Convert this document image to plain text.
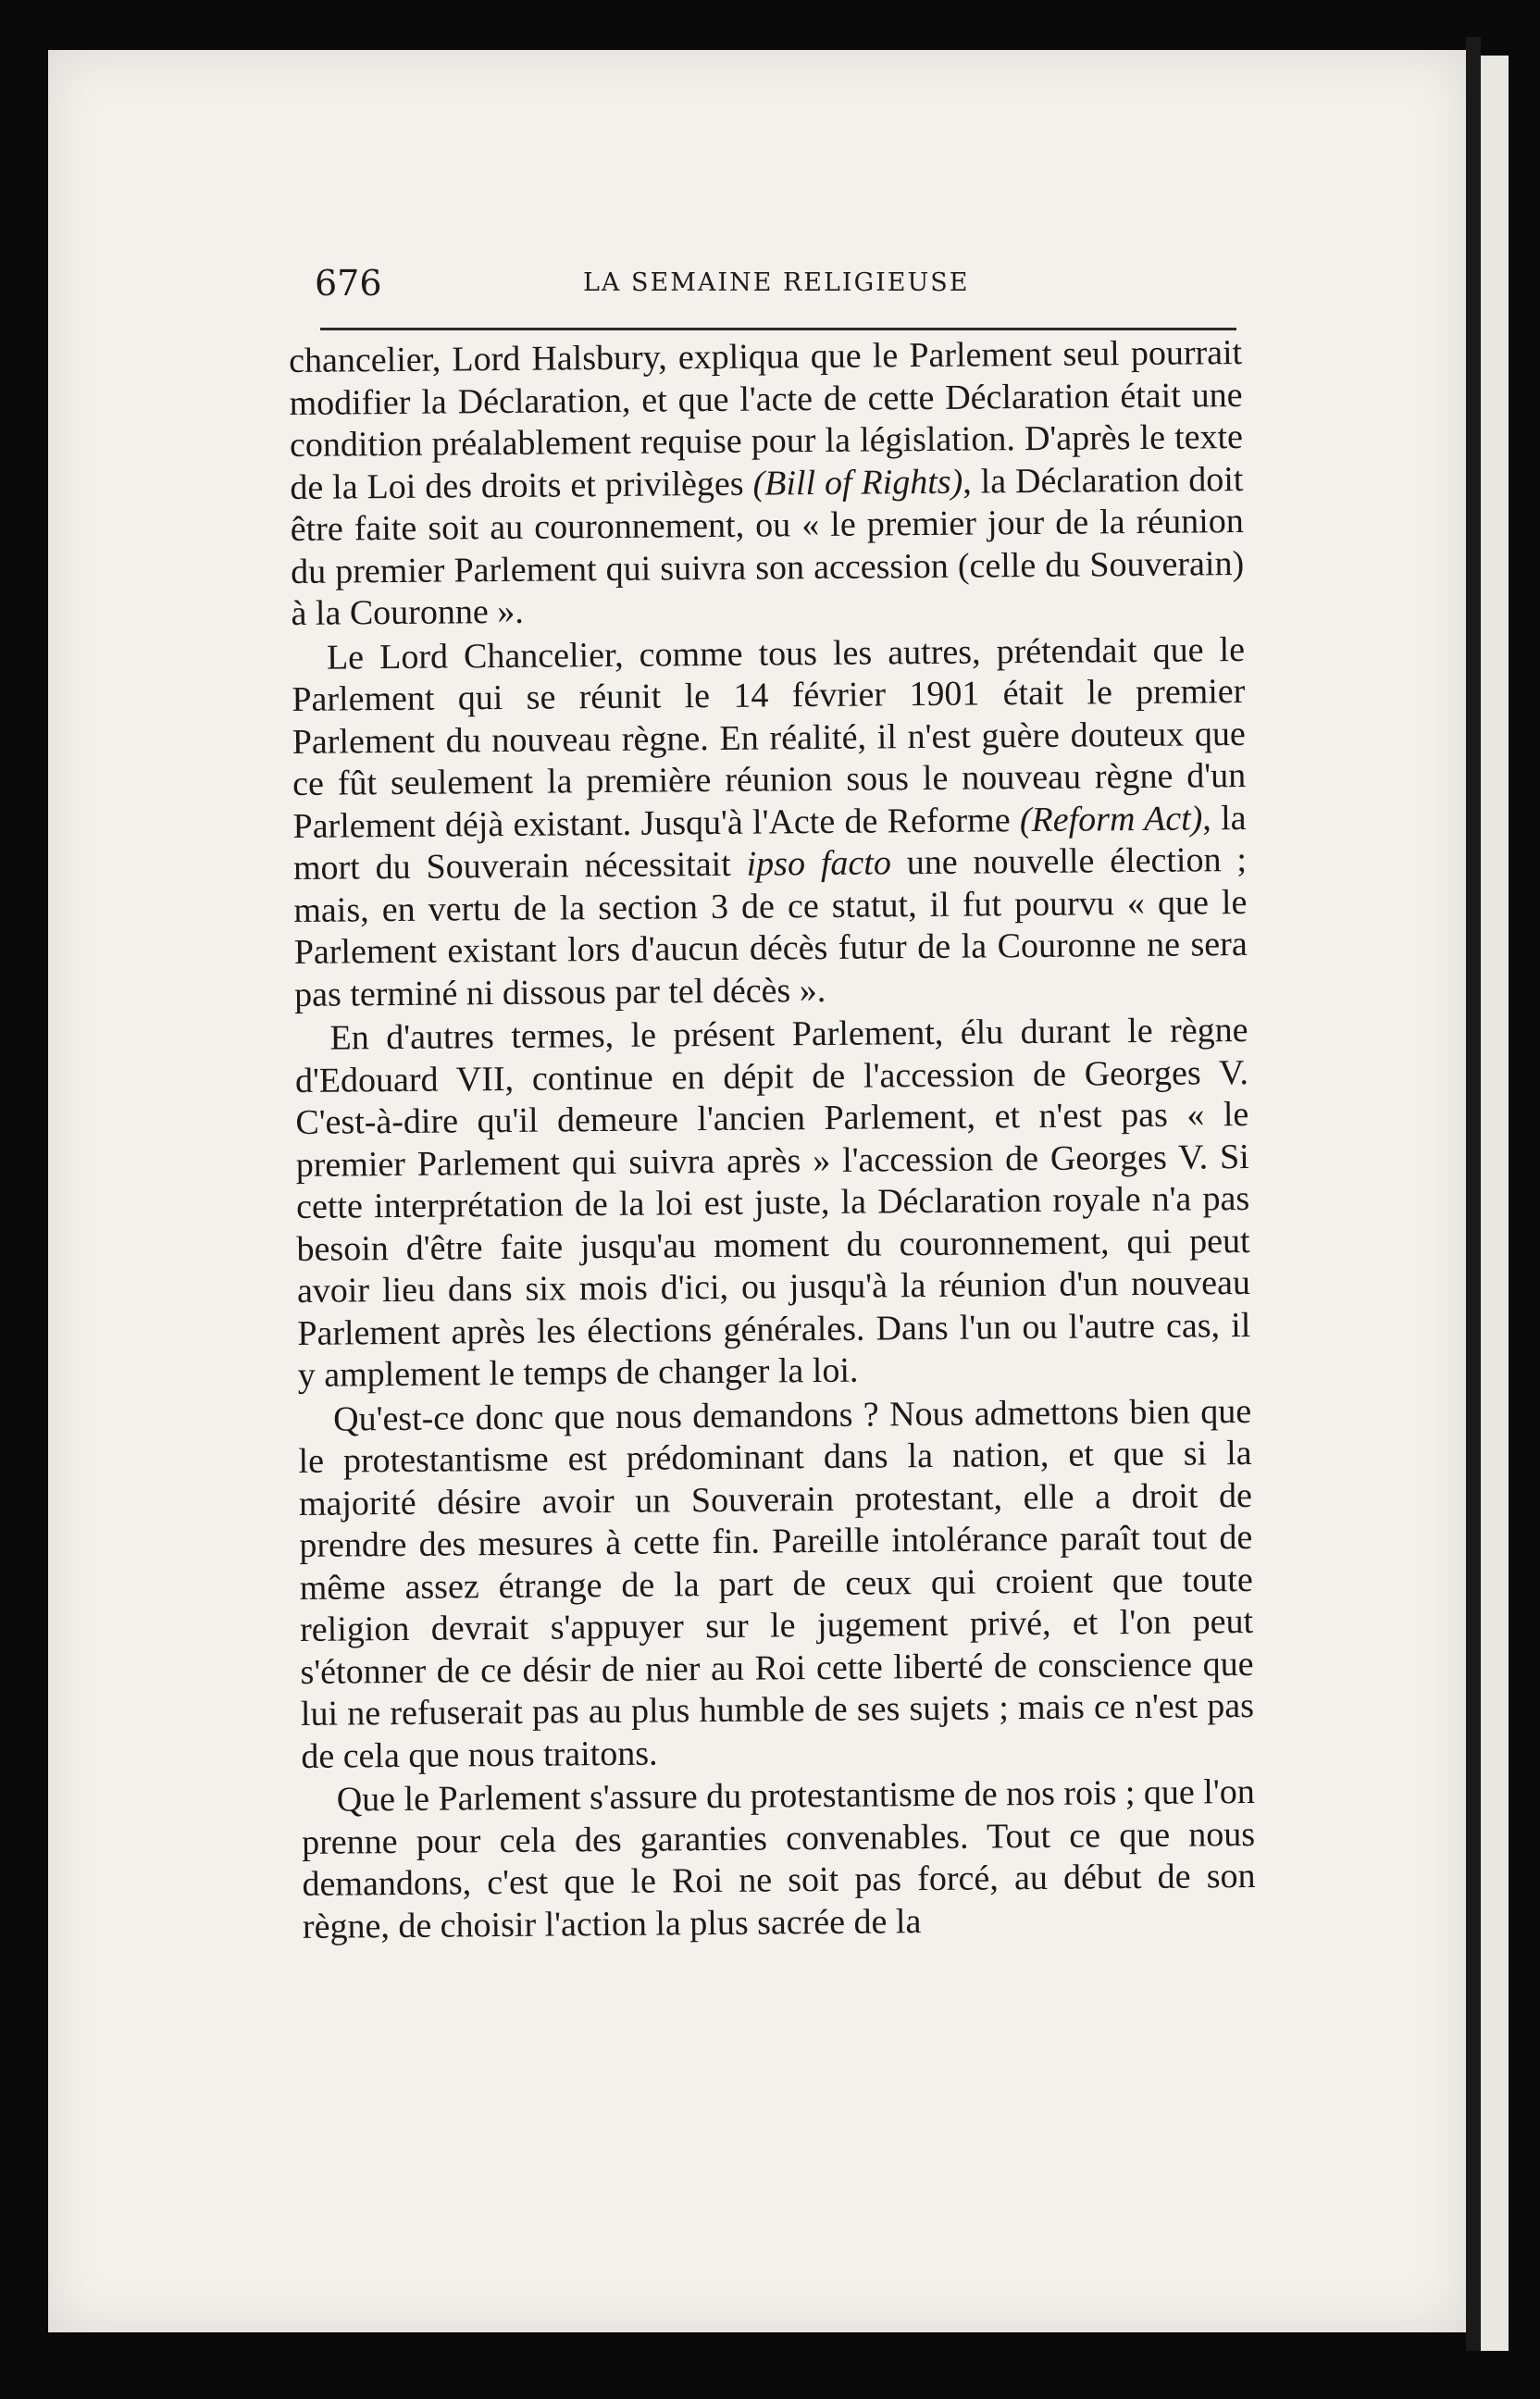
676	LA SEMAINE RELIGIEUSE

chancelier, Lord Halsbury, expliqua que le Parlement seul pourrait modifier la Déclaration, et que l'acte de cette Déclaration était une condition préalablement requise pour la législation. D'après le texte de la Loi des droits et privilèges (Bill of Rights), la Déclaration doit être faite soit au couronnement, ou « le premier jour de la réunion du premier Parlement qui suivra son accession (celle du Souverain) à la Couronne ».

Le Lord Chancelier, comme tous les autres, prétendait que le Parlement qui se réunit le 14 février 1901 était le premier Parlement du nouveau règne. En réalité, il n'est guère douteux que ce fût seulement la première réunion sous le nouveau règne d'un Parlement déjà existant. Jusqu'à l'Acte de Reforme (Reform Act), la mort du Souverain nécessitait ipso facto une nouvelle élection ; mais, en vertu de la section 3 de ce statut, il fut pourvu « que le Parlement existant lors d'aucun décès futur de la Couronne ne sera pas terminé ni dissous par tel décès ».

En d'autres termes, le présent Parlement, élu durant le règne d'Edouard VII, continue en dépit de l'accession de Georges V. C'est-à-dire qu'il demeure l'ancien Parlement, et n'est pas « le premier Parlement qui suivra après » l'accession de Georges V. Si cette interprétation de la loi est juste, la Déclaration royale n'a pas besoin d'être faite jusqu'au moment du couronnement, qui peut avoir lieu dans six mois d'ici, ou jusqu'à la réunion d'un nouveau Parlement après les élections générales. Dans l'un ou l'autre cas, il y amplement le temps de changer la loi.

Qu'est-ce donc que nous demandons ? Nous admettons bien que le protestantisme est prédominant dans la nation, et que si la majorité désire avoir un Souverain protestant, elle a droit de prendre des mesures à cette fin. Pareille intolérance paraît tout de même assez étrange de la part de ceux qui croient que toute religion devrait s'appuyer sur le jugement privé, et l'on peut s'étonner de ce désir de nier au Roi cette liberté de conscience que lui ne refuserait pas au plus humble de ses sujets ; mais ce n'est pas de cela que nous traitons.

Que le Parlement s'assure du protestantisme de nos rois ; que l'on prenne pour cela des garanties convenables. Tout ce que nous demandons, c'est que le Roi ne soit pas forcé, au début de son règne, de choisir l'action la plus sacrée de la
